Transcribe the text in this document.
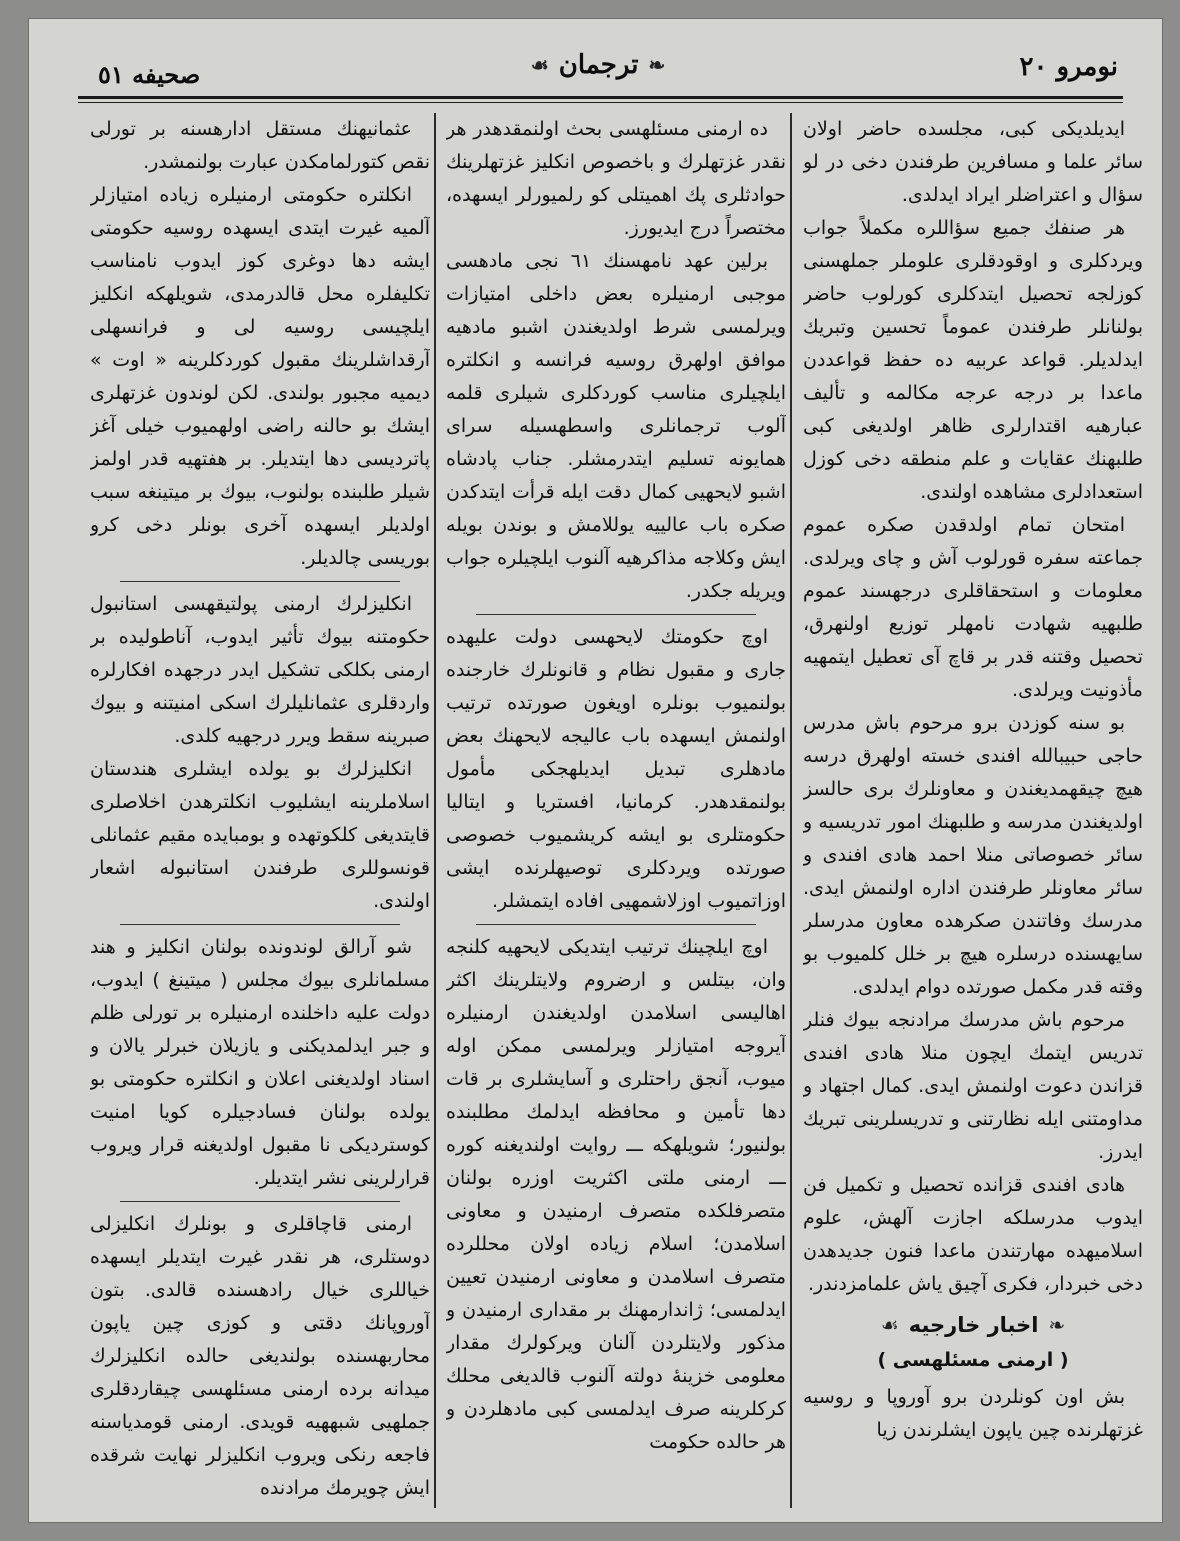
نومرو ٢٠
❧
ترجمان
☙
صحیفه ٥١

ایدیلدیکی کبی، مجلسده حاضر اولان سائر علما و مسافرین طرفندن دخی در لو سؤال و اعتراضلر ایراد ایدلدی.

هر صنفك جمیع سؤاللره مکملاً جواب ویردکلری و اوقودقلری علوملر جملهسنی کوزلجه تحصیل ایتدکلری کورلوب حاضر بولنانلر طرفندن عموماً تحسین وتبریك ایدلدیلر. قواعد عربیه ده حفظ قواعددن ماعدا بر درجه عرجه مکالمه و تألیف عبارهیه اقتدارلری ظاهر اولدیغی کبی طلبهنك عقایات و علم منطقه دخی کوزل استعدادلری مشاهده اولندی.

امتحان تمام اولدقدن صکره عموم جماعته سفره قورلوب آش و چای ویرلدی. معلومات و استحقاقلری درجهسند عموم طلبهیه شهادت نامهلر توزیع اولنهرق، تحصیل وقتنه قدر بر قاچ آی تعطیل ایتمهیه مأذونیت ویرلدی.

بو سنه کوزدن برو مرحوم باش مدرس حاجی حبیبالله افندی خسته اولهرق درسه هیچ چیقهمدیغندن و معاونلرك بری حالسز اولدیغندن مدرسه و طلبهنك امور تدریسیه و سائر خصوصاتی منلا احمد هادی افندی و سائر معاونلر طرفندن اداره اولنمش ایدی. مدرسك وفاتندن صکرهده معاون مدرسلر سایهسنده درسلره هیچ بر خلل کلمیوب بو وقته قدر مکمل صورتده دوام ایدلدی.

مرحوم باش مدرسك مرادنجه بیوك فنلر تدریس ایتمك ایچون منلا هادی افندی قزاندن دعوت اولنمش ایدی. کمال اجتهاد و مداومتنی ایله نظارتنی و تدریسلرینی تبریك ایدرز.

هادی افندی قزانده تحصیل و تکمیل فن ایدوب مدرسلکه اجازت آلهش، علوم اسلامیهده مهارتندن ماعدا فنون جدیدهدن دخی خبردار، فکری آچیق یاش علمامزدندر.

❧
اخبار خارجیه
☙

( ارمنی مسئلهسی )

بش اون کونلردن برو آوروپا و روسیه غزتهلرنده چین یاپون ایشلرندن زیا

ده ارمنی مسئلهسی بحث اولنمقدهدر هر نقدر غزتهلرك و باخصوص انکلیز غزتهلرینك حوادثلری پك اهمیتلی کو رلمیورلر ایسهده، مختصراً درج ایدیورز.

برلین عهد نامهسنك ٦١ نجی مادهسی موجبی ارمنیلره بعض داخلی امتیازات ویرلمسی شرط اولدیغندن اشبو مادهیه موافق اولهرق روسیه فرانسه و انکلتره ایلچیلری مناسب کوردکلری شیلری قلمه آلوب ترجمانلری واسطهسیله سرای همایونه تسلیم ایتدرمشلر. جناب پادشاه اشبو لایحهیی کمال دقت ایله قرأت ایتدکدن صکره باب عالییه یوللامش و بوندن بویله ایش وکلاجه مذاکرهیه آلنوب ایلچیلره جواب ویریله جکدر.

اوچ حکومتك لایحهسی دولت علیهده جاری و مقبول نظام و قانونلرك خارجنده بولنمیوب بونلره اویغون صورتده ترتیب اولنمش ایسهده باب عالیجه لایحهنك بعض مادهلری تبدیل ایدیلهجکی مأمول بولنمقدهدر. کرمانیا، افستریا و ایتالیا حکومتلری بو ایشه کریشمیوب خصوصی صورتده ویردکلری توصیهلرنده ایشی اوزاتمیوب اوزلاشمهیی افاده ایتمشلر.

اوچ ایلچینك ترتیب ایتدیکی لایحهیه کلنجه وان، بیتلس و ارضروم ولایتلرینك اکثر اهالیسی اسلامدن اولدیغندن ارمنیلره آیروجه امتیازلر ویرلمسی ممکن اوله میوب، آنجق راحتلری و آسایشلری بر قات دها تأمین و محافظه ایدلمك مطلبنده بولنیور؛ شویلهکه ـــ روایت اولندیغنه کوره ـــ ارمنی ملتی اکثریت اوزره بولنان متصرفلکده متصرف ارمنیدن و معاونی اسلامدن؛ اسلام زیاده اولان محللرده متصرف اسلامدن و معاونی ارمنیدن تعیین ایدلمسی؛ ژاندارمهنك بر مقداری ارمنیدن و مذکور ولایتلردن آلنان ویرکولرك مقدار معلومی خزینهٔ دولته آلنوب قالدیغی محلك کرکلرینه صرف ایدلمسی کبی مادهلردن و هر حالده حکومت

عثمانیهنك مستقل ادارهسنه بر تورلی نقص کتورلمامکدن عبارت بولنمشدر.

انکلتره حکومتی ارمنیلره زیاده امتیازلر آلمیه غیرت ایتدی ایسهده روسیه حکومتی ایشه دها دوغری کوز ایدوب نامناسب تکلیفلره محل قالدرمدی، شویلهکه انکلیز ایلچیسی روسیه لی و فرانسهلی آرقداشلرینك مقبول کوردکلرینه « اوت » دیمیه مجبور بولندی. لکن لوندون غزتهلری ایشك بو حالنه راضی اولهمیوب خیلی آغز پاتردیسی دها ایتدیلر. بر هفتهیه قدر اولمز شیلر طلبنده بولنوب، بیوك بر میتینغه سبب اولدیلر ایسهده آخری بونلر دخی کرو بوریسی چالدیلر.

انکلیزلرك ارمنی پولتیقهسی استانبول حکومتنه بیوك تأثیر ایدوب، آناطولیده بر ارمنی بکلکی تشکیل ایدر درجهده افکارلره واردقلری عثمانلیلرك اسکی امنیتنه و بیوك صبرینه سقط ویرر درجهیه کلدی.

انکلیزلرك بو یولده ایشلری هندستان اسلاملرینه ایشلیوب انکلترهدن اخلاصلری قایتدیغی کلکوتهده و بومبایده مقیم عثمانلی قونسوللری طرفندن استانبوله اشعار اولندی.

شو آرالق لوندونده بولنان انکلیز و هند مسلمانلری بیوك مجلس ( میتینغ ) ایدوب، دولت علیه داخلنده ارمنیلره بر تورلی ظلم و جبر ایدلمدیکنی و یازیلان خبرلر یالان و اسناد اولدیغنی اعلان و انکلتره حکومتی بو یولده بولنان فسادجیلره کویا امنیت کوستردیکی نا مقبول اولدیغنه قرار ویروب قرارلرینی نشر ایتدیلر.

ارمنی قاچاقلری و بونلرك انکلیزلی دوستلری، هر نقدر غیرت ایتدیلر ایسهده خیاللری خیال رادهسنده قالدی. بتون آوروپانك دقتی و کوزی چین یاپون محاربهسنده بولندیغی حالده انکلیزلرك میدانه برده ارمنی مسئلهسی چیقاردقلری جملهیی شبههیه قویدی. ارمنی قومدیاسنه فاجعه رنکی ویروب انکلیزلر نهایت شرقده ایش چویرمك مرادنده
